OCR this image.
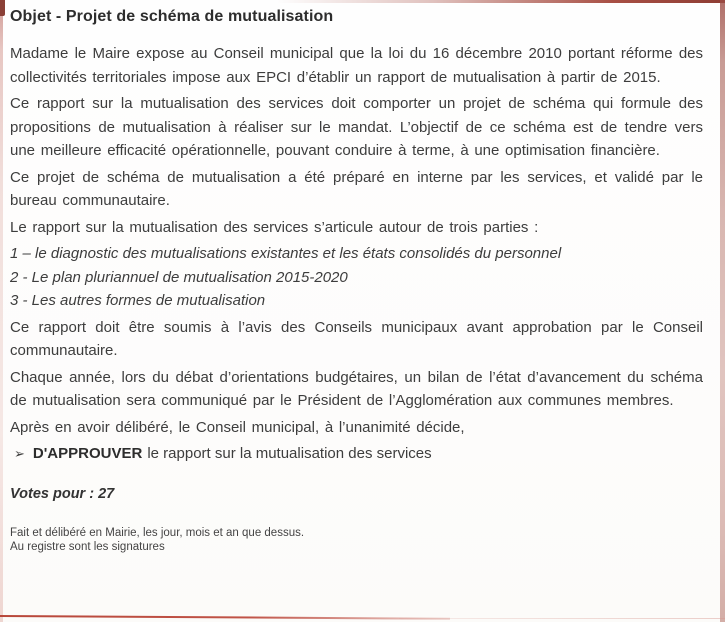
Objet - Projet de schéma de mutualisation

Madame le Maire expose au Conseil municipal que la loi du 16 décembre 2010 portant réforme des collectivités territoriales impose aux EPCI d’établir un rapport de mutualisation à partir de 2015.

Ce rapport sur la mutualisation des services doit comporter un projet de schéma qui formule des propositions de mutualisation à réaliser sur le mandat. L’objectif de ce schéma est de tendre vers une meilleure efficacité opérationnelle, pouvant conduire à terme, à une optimisation financière.

Ce projet de schéma de mutualisation a été préparé en interne par les services, et validé par le bureau communautaire.

Le rapport sur la mutualisation des services s’articule autour de trois parties :

1 – le diagnostic des mutualisations existantes et les états consolidés du personnel

2 - Le plan pluriannuel de mutualisation 2015-2020

3 - Les autres formes de mutualisation

Ce rapport doit être soumis à l’avis des Conseils municipaux avant approbation par le Conseil communautaire.

Chaque année, lors du débat d’orientations budgétaires, un bilan de l’état d’avancement du schéma de mutualisation sera communiqué par le Président de l’Agglomération aux communes membres.

Après en avoir délibéré, le Conseil municipal, à l’unanimité décide,

➢ D'APPROUVER le rapport sur la mutualisation des services

Votes pour : 27

Fait et délibéré en Mairie, les jour, mois et an que dessus.

Au registre sont les signatures
